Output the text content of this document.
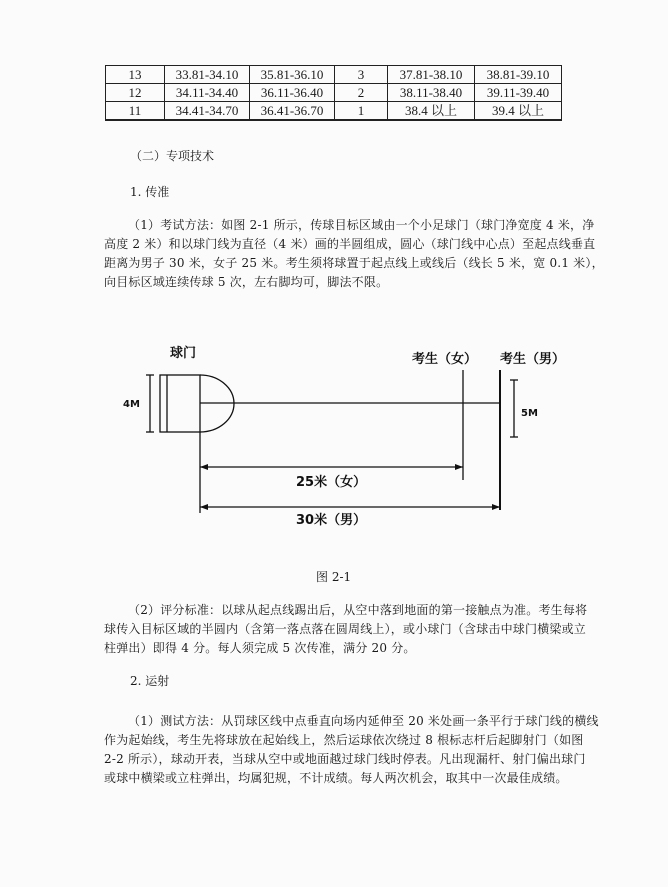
13	33.81-34.10	35.81-36.10	3	37.81-38.10	38.81-39.10
12	34.11-34.40	36.11-36.40	2	38.11-38.40	39.11-39.40
11	34.41-34.70	36.41-36.70	1	38.4 以上	39.4 以上
（二）专项技术
1. 传准
（1）考试方法：如图 2-1 所示，传球目标区域由一个小足球门（球门净宽度 4 米，净
高度 2 米）和以球门线为直径（4 米）画的半圆组成，圆心（球门线中心点）至起点线垂直
距离为男子 30 米，女子 25 米。考生须将球置于起点线上或线后（线长 5 米，宽 0.1 米），
向目标区域连续传球 5 次，左右脚均可，脚法不限。
球门	考生（女） 考生（男）
4M
5M
25米（女）
30米（男）
图 2-1
（2）评分标准：以球从起点线踢出后，从空中落到地面的第一接触点为准。考生每将
球传入目标区域的半圆内（含第一落点落在圆周线上），或小球门（含球击中球门横梁或立
柱弹出）即得 4 分。每人须完成 5 次传准，满分 20 分。
2. 运射
（1）测试方法：从罚球区线中点垂直向场内延伸至 20 米处画一条平行于球门线的横线
作为起始线，考生先将球放在起始线上，然后运球依次绕过 8 根标志杆后起脚射门（如图
2-2 所示），球动开表，当球从空中或地面越过球门线时停表。凡出现漏杆、射门偏出球门
或球中横梁或立柱弹出，均属犯规，不计成绩。每人两次机会，取其中一次最佳成绩。
